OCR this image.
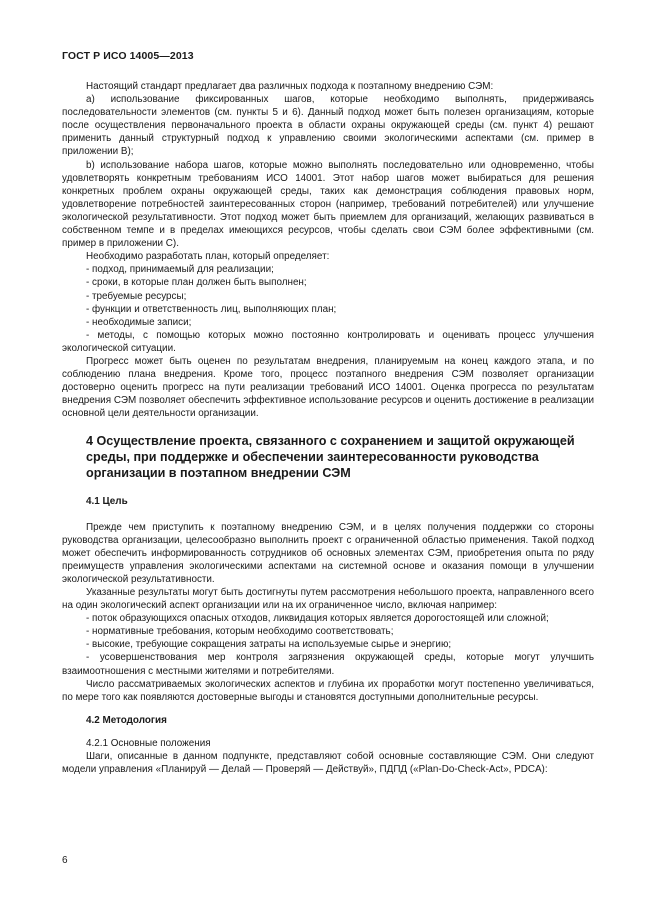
ГОСТ Р ИСО 14005—2013

Настоящий стандарт предлагает два различных подхода к поэтапному внедрению СЭМ:

а) использование фиксированных шагов, которые необходимо выполнять, придерживаясь последовательности элементов (см. пункты 5 и 6). Данный подход может быть полезен организациям, которые после осуществления первоначального проекта в области охраны окружающей среды (см. пункт 4) решают применить данный структурный подход к управлению своими экологическими аспектами (см. пример в приложении В);

b) использование набора шагов, которые можно выполнять последовательно или одновременно, чтобы удовлетворять конкретным требованиям ИСО 14001. Этот набор шагов может выбираться для решения конкретных проблем охраны окружающей среды, таких как демонстрация соблюдения правовых норм, удовлетворение потребностей заинтересованных сторон (например, требований потребителей) или улучшение экологической результативности. Этот подход может быть приемлем для организаций, желающих развиваться в собственном темпе и в пределах имеющихся ресурсов, чтобы сделать свои СЭМ более эффективными (см. пример в приложении С).

Необходимо разработать план, который определяет:

- подход, принимаемый для реализации;

- сроки, в которые план должен быть выполнен;

- требуемые ресурсы;

- функции и ответственность лиц, выполняющих план;

- необходимые записи;

- методы, с помощью которых можно постоянно контролировать и оценивать процесс улучшения экологической ситуации.

Прогресс может быть оценен по результатам внедрения, планируемым на конец каждого этапа, и по соблюдению плана внедрения. Кроме того, процесс поэтапного внедрения СЭМ позволяет организации достоверно оценить прогресс на пути реализации требований ИСО 14001. Оценка прогресса по результатам внедрения СЭМ позволяет обеспечить эффективное использование ресурсов и оценить достижение в реализации основной цели деятельности организации.

4 Осуществление проекта, связанного с сохранением и защитой окружающей среды, при поддержке и обеспечении заинтересованности руководства организации в поэтапном внедрении СЭМ
4.1 Цель

Прежде чем приступить к поэтапному внедрению СЭМ, и в целях получения поддержки со стороны руководства организации, целесообразно выполнить проект с ограниченной областью применения. Такой подход может обеспечить информированность сотрудников об основных элементах СЭМ, приобретения опыта по ряду преимуществ управления экологическими аспектами на системной основе и оказания помощи в улучшении экологической результативности.

Указанные результаты могут быть достигнуты путем рассмотрения небольшого проекта, направленного всего на один экологический аспект организации или на их ограниченное число, включая например:

- поток образующихся опасных отходов, ликвидация которых является дорогостоящей или сложной;

- нормативные требования, которым необходимо соответствовать;

- высокие, требующие сокращения затраты на используемые сырье и энергию;

- усовершенствования мер контроля загрязнения окружающей среды, которые могут улучшить взаимоотношения с местными жителями и потребителями.

Число рассматриваемых экологических аспектов и глубина их проработки могут постепенно увеличиваться, по мере того как появляются достоверные выгоды и становятся доступными дополнительные ресурсы.

4.2 Методология

4.2.1 Основные положения

Шаги, описанные в данном подпункте, представляют собой основные составляющие СЭМ. Они следуют модели управления «Планируй — Делай — Проверяй — Действуй», ПДПД («Plan-Do-Check-Act», PDCA):

6
